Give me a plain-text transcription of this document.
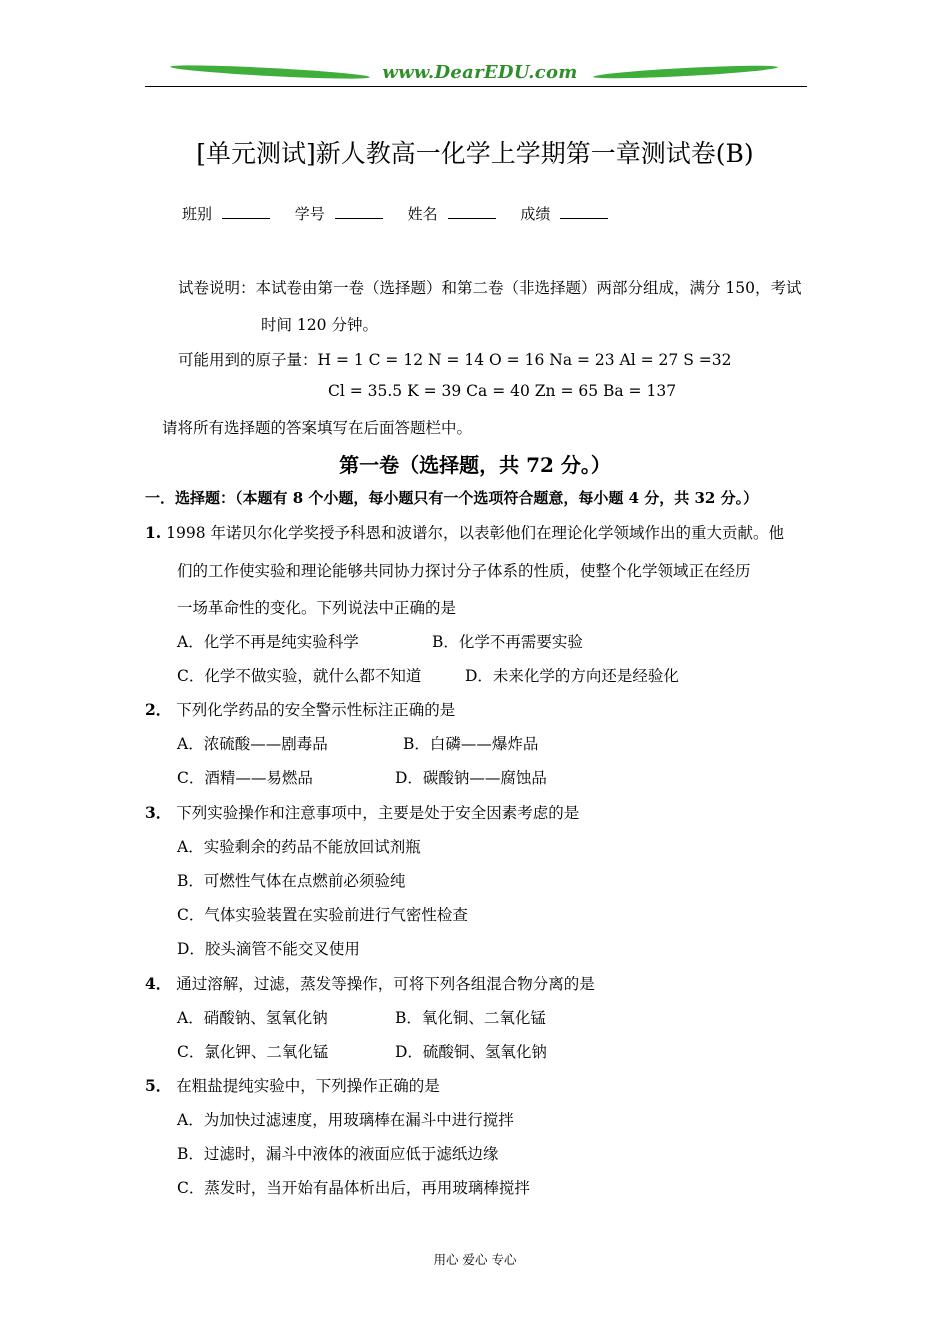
www.DearEDU.com
[单元测试]新人教高一化学上学期第一章测试卷(B)
班别	学号	姓名	成绩
试卷说明：本试卷由第一卷（选择题）和第二卷（非选择题）两部分组成，满分 150，考试
时间 120 分钟。
可能用到的原子量：H = 1 C = 12 N = 14 O = 16 Na = 23 Al = 27 S =32
Cl = 35.5 K = 39 Ca = 40 Zn = 65 Ba = 137
请将所有选择题的答案填写在后面答题栏中。
第一卷（选择题，共 72 分。）
一．选择题：（本题有 8 个小题，每小题只有一个选项符合题意，每小题 4 分，共 32 分。）
1. 1998 年诺贝尔化学奖授予科恩和波谱尔，以表彰他们在理论化学领域作出的重大贡献。他
们的工作使实验和理论能够共同协力探讨分子体系的性质，使整个化学领域正在经历
一场革命性的变化。下列说法中正确的是
A．化学不再是纯实验科学	B．化学不再需要实验
C．化学不做实验，就什么都不知道	D．未来化学的方向还是经验化
2． 下列化学药品的安全警示性标注正确的是
A．浓硫酸——剧毒品	B．白磷——爆炸品
C．酒精——易燃品	D．碳酸钠——腐蚀品
3． 下列实验操作和注意事项中，主要是处于安全因素考虑的是
A．实验剩余的药品不能放回试剂瓶
B．可燃性气体在点燃前必须验纯
C．气体实验装置在实验前进行气密性检查
D．胶头滴管不能交叉使用
4． 通过溶解，过滤，蒸发等操作，可将下列各组混合物分离的是
A．硝酸钠、氢氧化钠	B．氧化铜、二氧化锰
C．氯化钾、二氧化锰	D．硫酸铜、氢氧化钠
5． 在粗盐提纯实验中，下列操作正确的是
A．为加快过滤速度，用玻璃棒在漏斗中进行搅拌
B．过滤时，漏斗中液体的液面应低于滤纸边缘
C．蒸发时，当开始有晶体析出后，再用玻璃棒搅拌
用心 爱心 专心
